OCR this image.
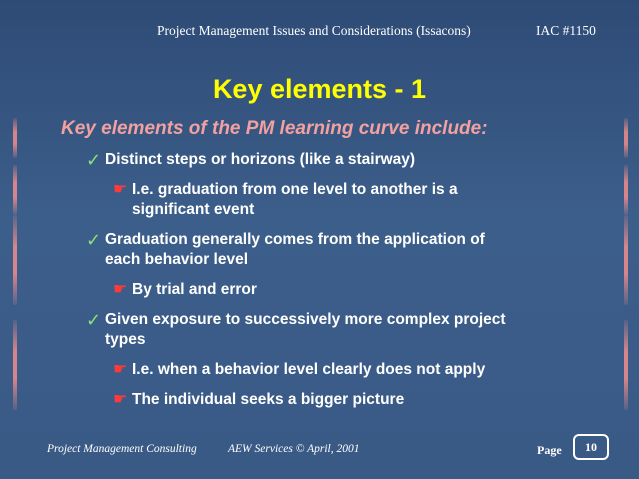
Project Management Issues and Considerations (Issacons)	IAC #1150
Key elements - 1
Key elements of the PM learning curve include:
✓ Distinct steps or horizons (like a stairway)
☛ I.e. graduation from one level to another is a
significant event
✓ Graduation generally comes from the application of
each behavior level
☛ By trial and error
✓ Given exposure to successively more complex project
types
☛ I.e. when a behavior level clearly does not apply
☛ The individual seeks a bigger picture
Project Management Consulting	AEW Services © April, 2001	Page	10
